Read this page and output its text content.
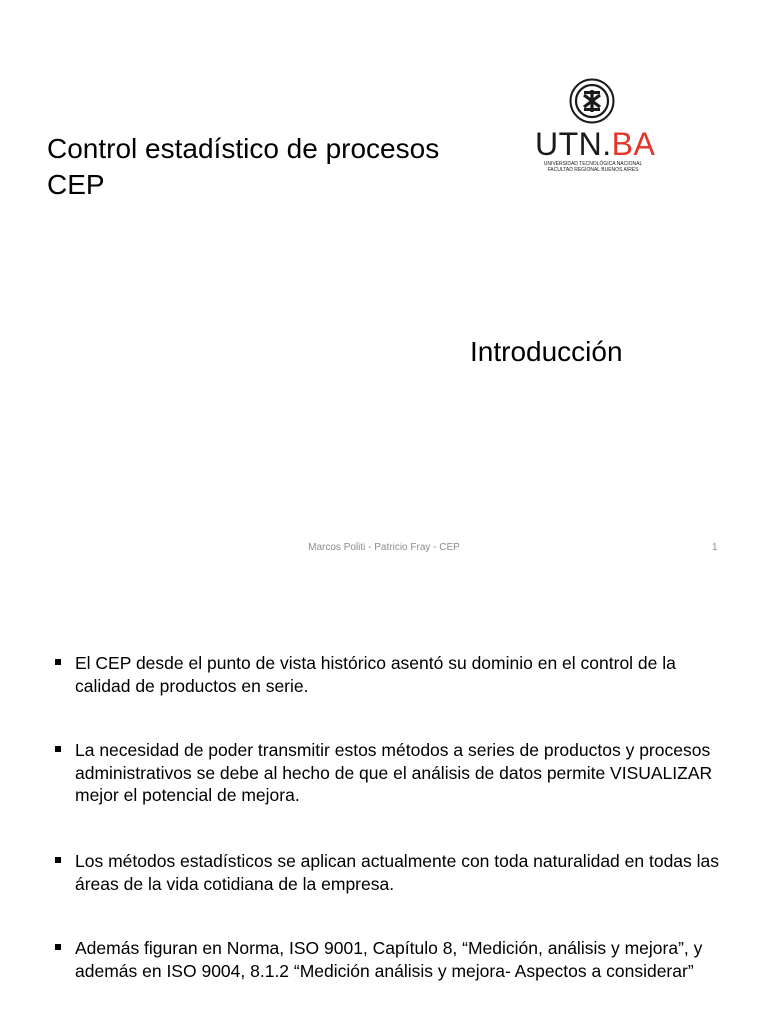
Control estadístico de procesos
CEP
UTN.BA
UNIVERSIDAD TECNOLÓGICA NACIONAL
FACULTAD REGIONAL BUENOS AIRES
Introducción
Marcos Politi - Patricio Fray - CEP	1
El CEP desde el punto de vista histórico asentó su dominio en el control de la calidad de productos en serie.
La necesidad de poder transmitir estos métodos a series de productos y procesos administrativos se debe al hecho de que el análisis de datos permite VISUALIZAR mejor el potencial de mejora.
Los métodos estadísticos se aplican actualmente con toda naturalidad en todas las áreas de la vida cotidiana de la empresa.
Además figuran en Norma, ISO 9001, Capítulo 8, “Medición, análisis y mejora”, y además en ISO 9004, 8.1.2 “Medición análisis y mejora- Aspectos a considerar”
